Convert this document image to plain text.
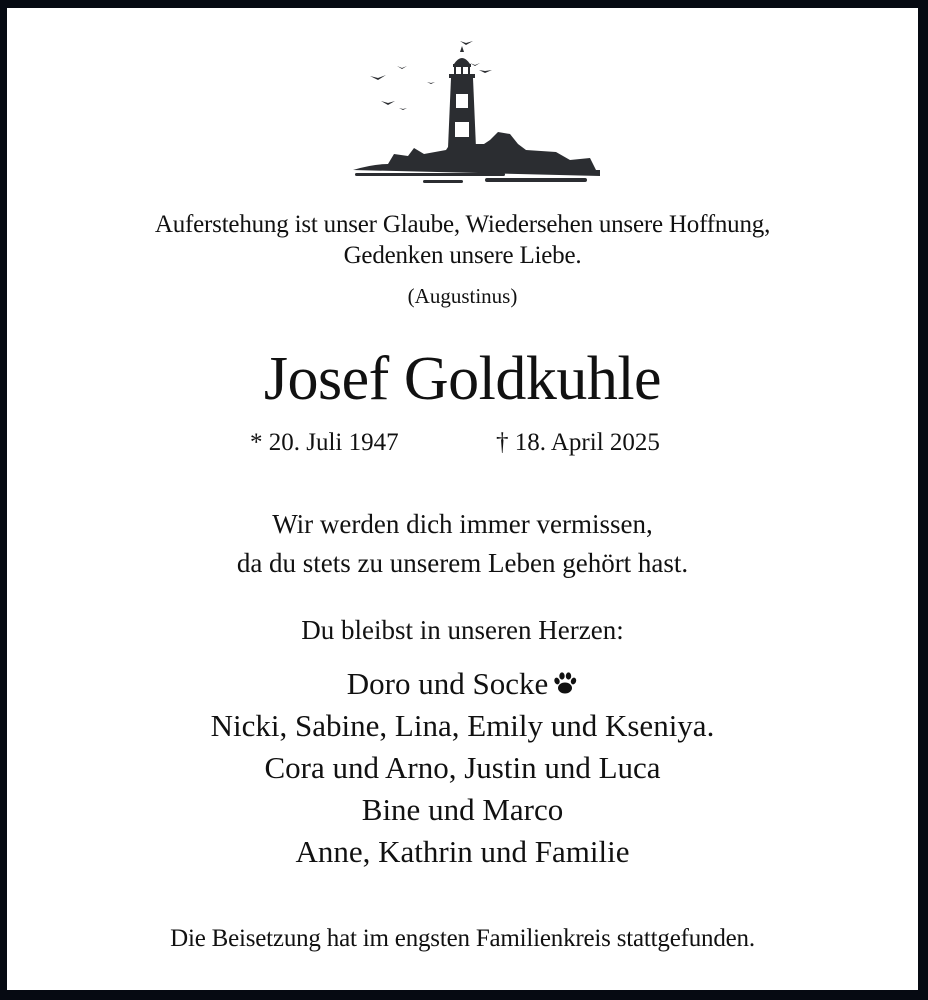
Auferstehung ist unser Glaube, Wiedersehen unsere Hoffnung,
Gedenken unsere Liebe.
(Augustinus)
Josef Goldkuhle
* 20. Juli 1947	† 18. April 2025
Wir werden dich immer vermissen,
da du stets zu unserem Leben gehört hast.
Du bleibst in unseren Herzen:
Doro und Socke
Nicki, Sabine, Lina, Emily und Kseniya.
Cora und Arno, Justin und Luca
Bine und Marco
Anne, Kathrin und Familie
Die Beisetzung hat im engsten Familienkreis stattgefunden.
